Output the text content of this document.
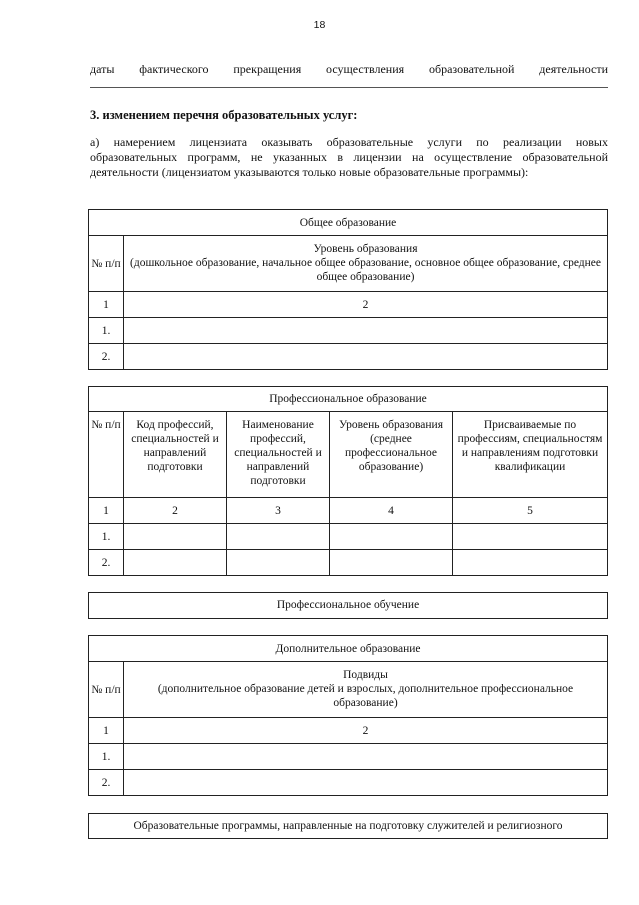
18
даты фактического прекращения осуществления образовательной деятельности
3. изменением перечня образовательных услуг:
а) намерением лицензиата оказывать образовательные услуги по реализации новых образовательных программ, не указанных в лицензии на осуществление образовательной деятельности (лицензиатом указываются только новые образовательные программы):
Общее образование	
№ п/п	Уровень образования
(дошкольное образование, начальное общее образование, основное общее образование, среднее общее образование)

1	2
1.	
2.	
Профессиональное образование				
№ п/п	Код профессий, специальностей и направлений подготовки	Наименование профессий, специальностей и направлений подготовки	Уровень образования (среднее профессиональное образование)	Присваиваемые по профессиям, специальностям и направлениям подготовки квалификации
1	2	3	4	5
1.				
2.				
Профессиональное обучение
Дополнительное образование	
№ п/п	Подвиды
(дополнительное образование детей и взрослых, дополнительное профессиональное образование)

1	2
1.	
2.	
Образовательные программы, направленные на подготовку служителей и религиозного
